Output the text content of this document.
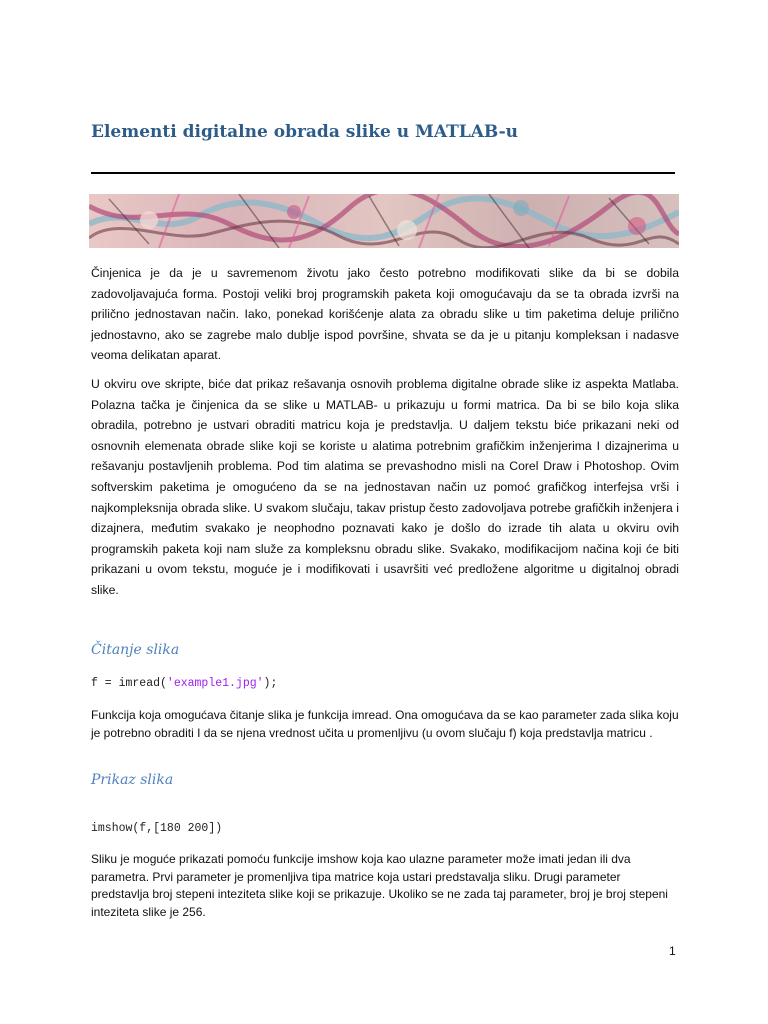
Elementi digitalne obrada slike u MATLAB-u

Činjenica je da je u savremenom životu jako često potrebno modifikovati slike da bi se dobila zadovoljavajuća forma. Postoji veliki broj programskih paketa koji omogućavaju da se ta obrada izvrši na prilično jednostavan način. Iako, ponekad korišćenje alata za obradu slike u tim paketima deluje prilično jednostavno, ako se zagrebe malo dublje ispod površine, shvata se da je u pitanju kompleksan i nadasve veoma delikatan aparat.

U okviru ove skripte, biće dat prikaz rešavanja osnovih problema digitalne obrade slike iz aspekta Matlaba. Polazna tačka je činjenica da se slike u MATLAB- u prikazuju u formi matrica. Da bi se bilo koja slika obradila, potrebno je ustvari obraditi matricu koja je predstavlja. U daljem tekstu biće prikazani neki od osnovnih elemenata obrade slike koji se koriste u alatima potrebnim grafičkim inženjerima I dizajnerima u rešavanju postavljenih problema. Pod tim alatima se prevashodno misli na Corel Draw i Photoshop. Ovim softverskim paketima je omogućeno da se na jednostavan način uz pomoć grafičkog interfejsa vrši i najkompleksnija obrada slike. U svakom slučaju, takav pristup često zadovoljava potrebe grafičkih inženjera i dizajnera, međutim svakako je neophodno poznavati kako je došlo do izrade tih alata u okviru ovih programskih paketa koji nam služe za kompleksnu obradu slike. Svakako, modifikacijom načina koji će biti prikazani u ovom tekstu, moguće je i modifikovati i usavršiti već predložene algoritme u digitalnoj obradi slike.

Čitanje slika

f = imread('example1.jpg');

Funkcija koja omogućava čitanje slika je funkcija imread. Ona omogućava da se kao parameter zada slika koju je potrebno obraditi I da se njena vrednost učita u promenljivu (u ovom slučaju f) koja predstavlja matricu .

Prikaz slika

imshow(f,[180 200])

Sliku je moguće prikazati pomoću funkcije imshow koja kao ulazne parameter može imati jedan ili dva parametra. Prvi parameter je promenljiva tipa matrice koja ustari predstavalja sliku. Drugi parameter predstavlja broj stepeni inteziteta slike koji se prikazuje. Ukoliko se ne zada taj parameter, broj je broj stepeni intezitetа slike je 256.

1
